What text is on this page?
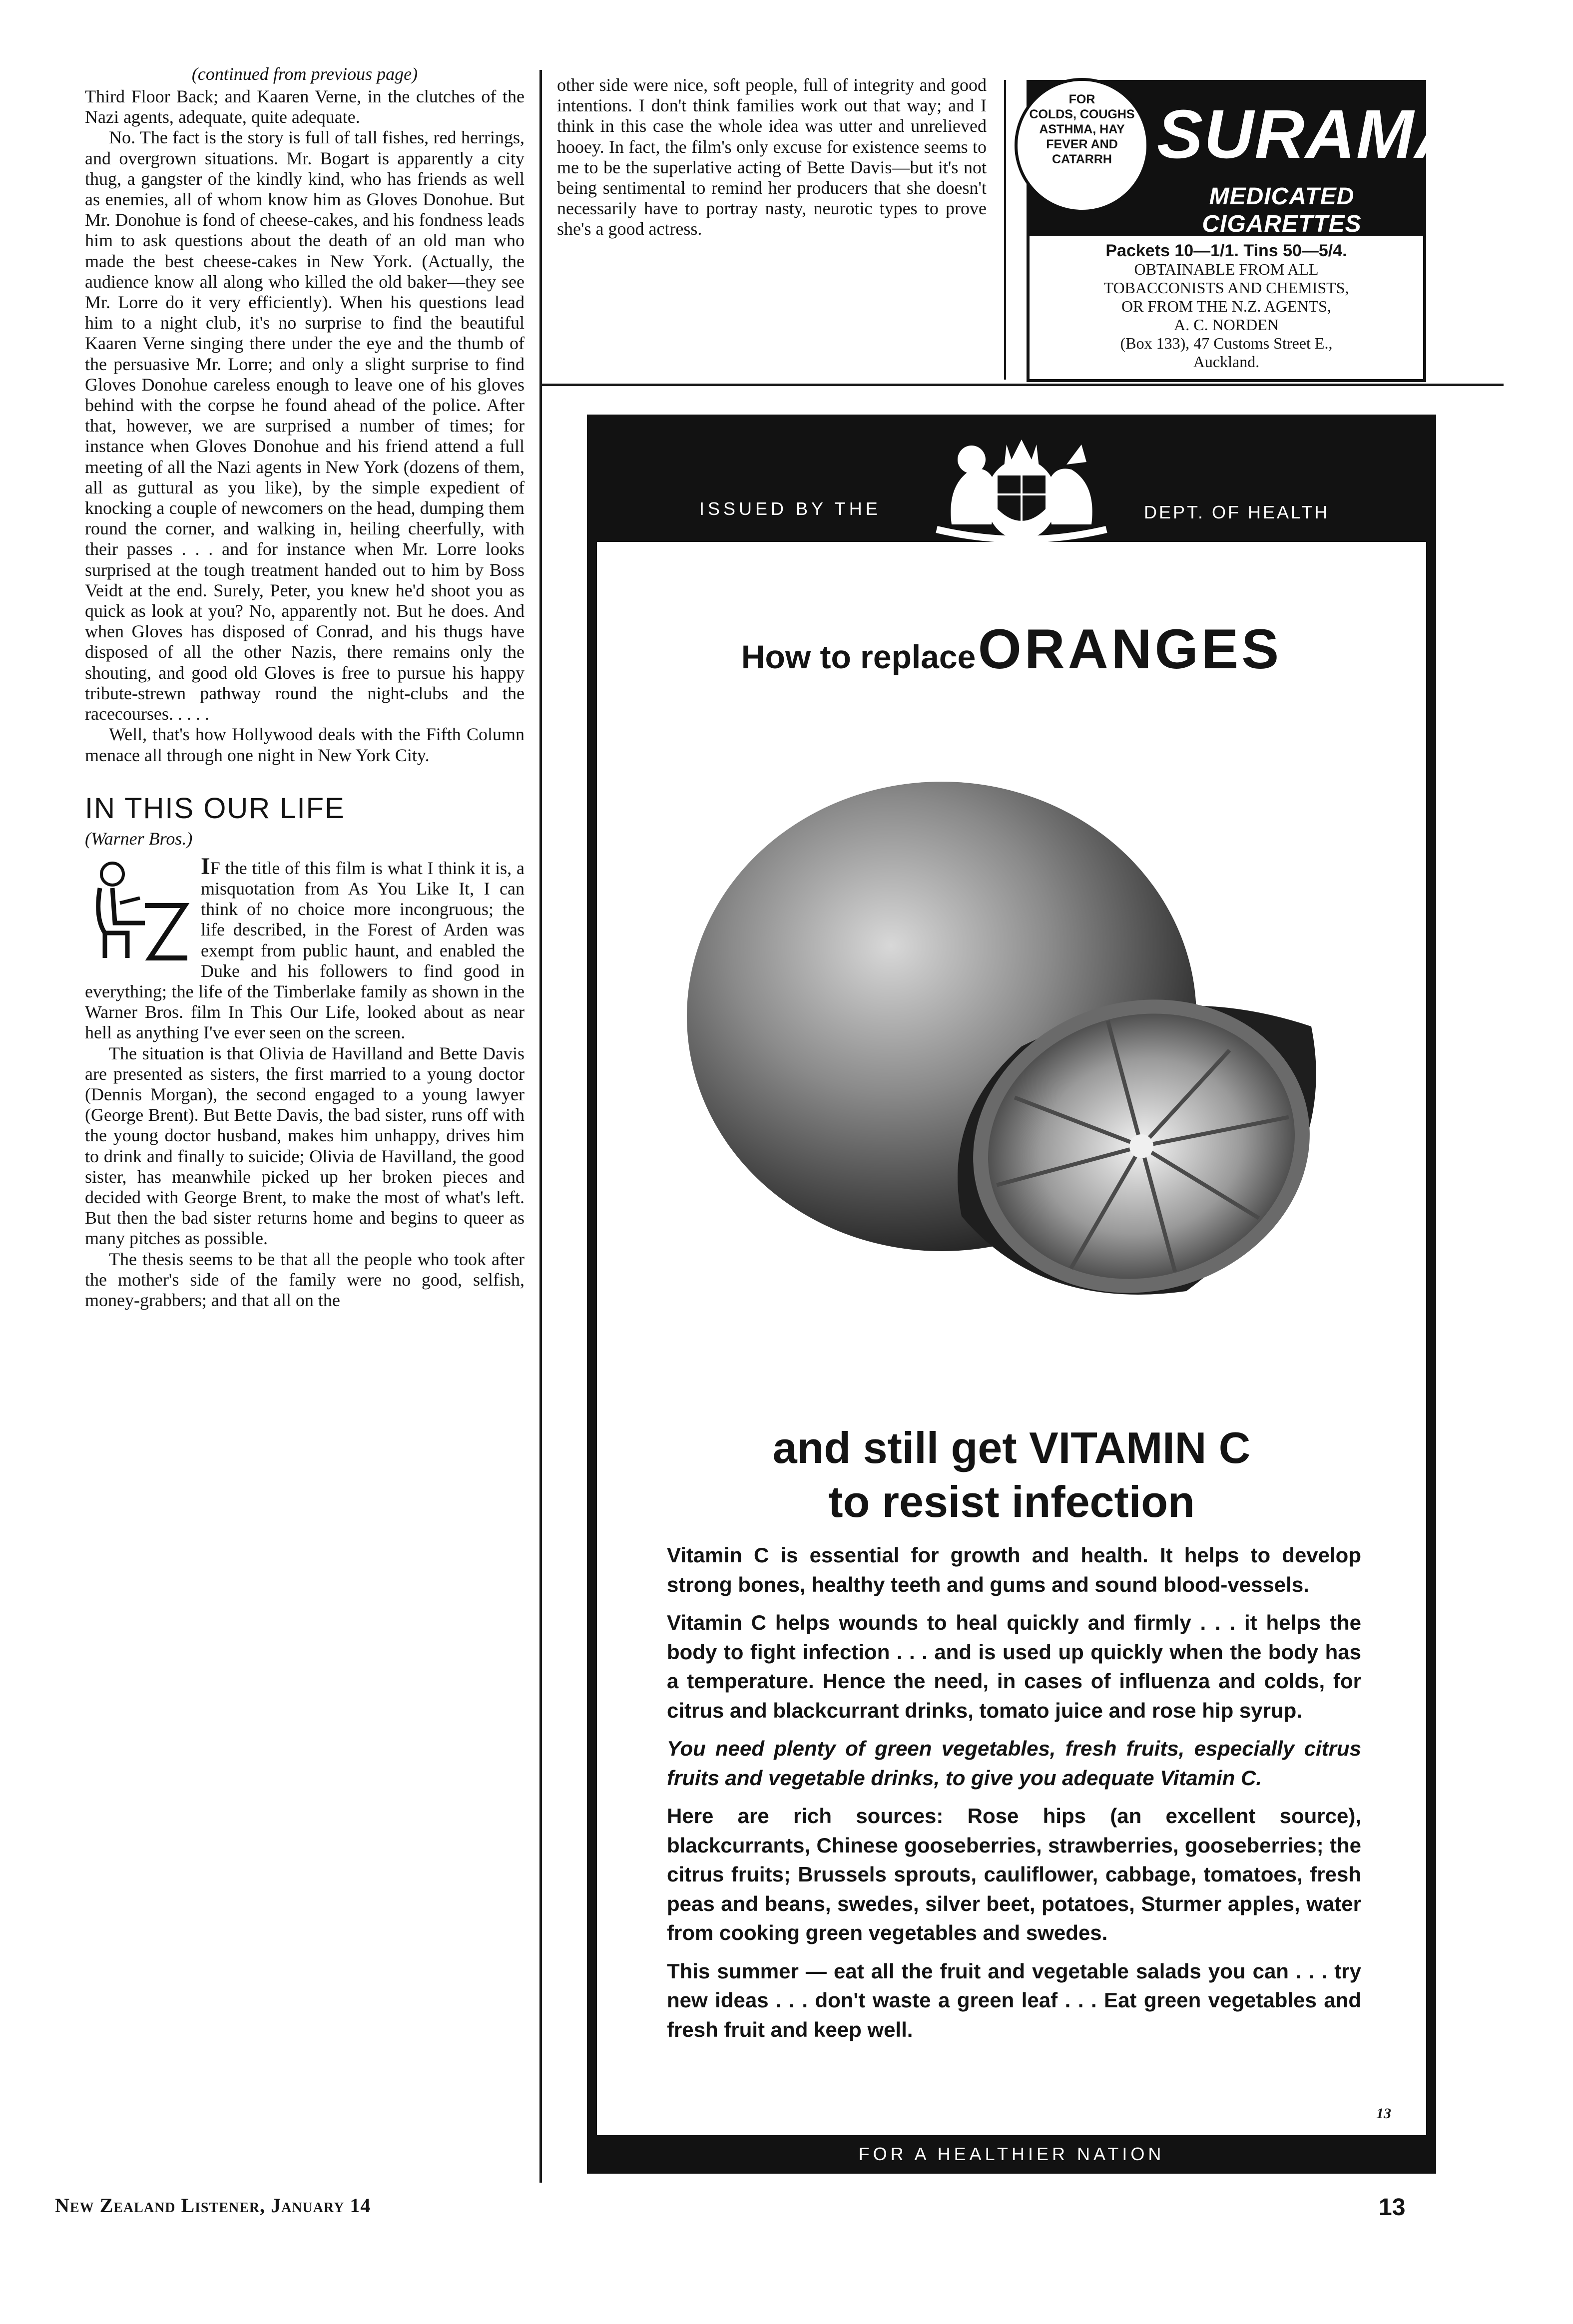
(continued from previous page)

Third Floor Back; and Kaaren Verne, in the clutches of the Nazi agents, adequate, quite adequate.

No. The fact is the story is full of tall fishes, red herrings, and overgrown situations. Mr. Bogart is apparently a city thug, a gangster of the kindly kind, who has friends as well as enemies, all of whom know him as Gloves Donohue. But Mr. Donohue is fond of cheese-cakes, and his fondness leads him to ask questions about the death of an old man who made the best cheese-cakes in New York. (Actually, the audience know all along who killed the old baker—they see Mr. Lorre do it very efficiently). When his questions lead him to a night club, it's no surprise to find the beautiful Kaaren Verne singing there under the eye and the thumb of the persuasive Mr. Lorre; and only a slight surprise to find Gloves Donohue careless enough to leave one of his gloves behind with the corpse he found ahead of the police. After that, however, we are surprised a number of times; for instance when Gloves Donohue and his friend attend a full meeting of all the Nazi agents in New York (dozens of them, all as guttural as you like), by the simple expedient of knocking a couple of newcomers on the head, dumping them round the corner, and walking in, heiling cheerfully, with their passes . . . and for instance when Mr. Lorre looks surprised at the tough treatment handed out to him by Boss Veidt at the end. Surely, Peter, you knew he'd shoot you as quick as look at you? No, apparently not. But he does. And when Gloves has disposed of Conrad, and his thugs have disposed of all the other Nazis, there remains only the shouting, and good old Gloves is free to pursue his happy tribute-strewn pathway round the night-clubs and the racecourses. . . . .

Well, that's how Hollywood deals with the Fifth Column menace all through one night in New York City.

IN THIS OUR LIFE
(Warner Bros.)

IF the title of this film is what I think it is, a misquotation from As You Like It, I can think of no choice more incongruous; the life described, in the Forest of Arden was exempt from public haunt, and enabled the Duke and his followers to find good in everything; the life of the Timberlake family as shown in the Warner Bros. film In This Our Life, looked about as near hell as anything I've ever seen on the screen.

The situation is that Olivia de Havilland and Bette Davis are presented as sisters, the first married to a young doctor (Dennis Morgan), the second engaged to a young lawyer (George Brent). But Bette Davis, the bad sister, runs off with the young doctor husband, makes him unhappy, drives him to drink and finally to suicide; Olivia de Havilland, the good sister, has meanwhile picked up her broken pieces and decided with George Brent, to make the most of what's left. But then the bad sister returns home and begins to queer as many pitches as possible.

The thesis seems to be that all the people who took after the mother's side of the family were no good, selfish, money-grabbers; and that all on the

other side were nice, soft people, full of integrity and good intentions. I don't think families work out that way; and I think in this case the whole idea was utter and unrelieved hooey. In fact, the film's only excuse for existence seems to me to be the superlative acting of Bette Davis—but it's not being sentimental to remind her producers that she doesn't necessarily have to portray nasty, neurotic types to prove she's a good actress.

FOR
COLDS, COUGHS
ASTHMA, HAY
FEVER AND
CATARRH SURAMA
MEDICATED CIGARETTES
Packets 10—1/1. Tins 50—5/4.
OBTAINABLE FROM ALL
TOBACCONISTS AND CHEMISTS,
OR FROM THE N.Z. AGENTS,
A. C. NORDEN
(Box 133), 47 Customs Street E.,
Auckland.
ISSUED BY THE	DEPT. OF HEALTH
How to replace ORANGES
and still get VITAMIN C
to resist infection

Vitamin C is essential for growth and health. It helps to develop strong bones, healthy teeth and gums and sound blood-vessels.

Vitamin C helps wounds to heal quickly and firmly . . . it helps the body to fight infection . . . and is used up quickly when the body has a temperature. Hence the need, in cases of influenza and colds, for citrus and blackcurrant drinks, tomato juice and rose hip syrup.

You need plenty of green vegetables, fresh fruits, especially citrus fruits and vegetable drinks, to give you adequate Vitamin C.

Here are rich sources: Rose hips (an excellent source), blackcurrants, Chinese gooseberries, strawberries, gooseberries; the citrus fruits; Brussels sprouts, cauliflower, cabbage, tomatoes, fresh peas and beans, swedes, silver beet, potatoes, Sturmer apples, water from cooking green vegetables and swedes.

This summer — eat all the fruit and vegetable salads you can . . . try new ideas . . . don't waste a green leaf . . . Eat green vegetables and fresh fruit and keep well.

13
FOR A HEALTHIER NATION
New Zealand Listener, January 14	13
